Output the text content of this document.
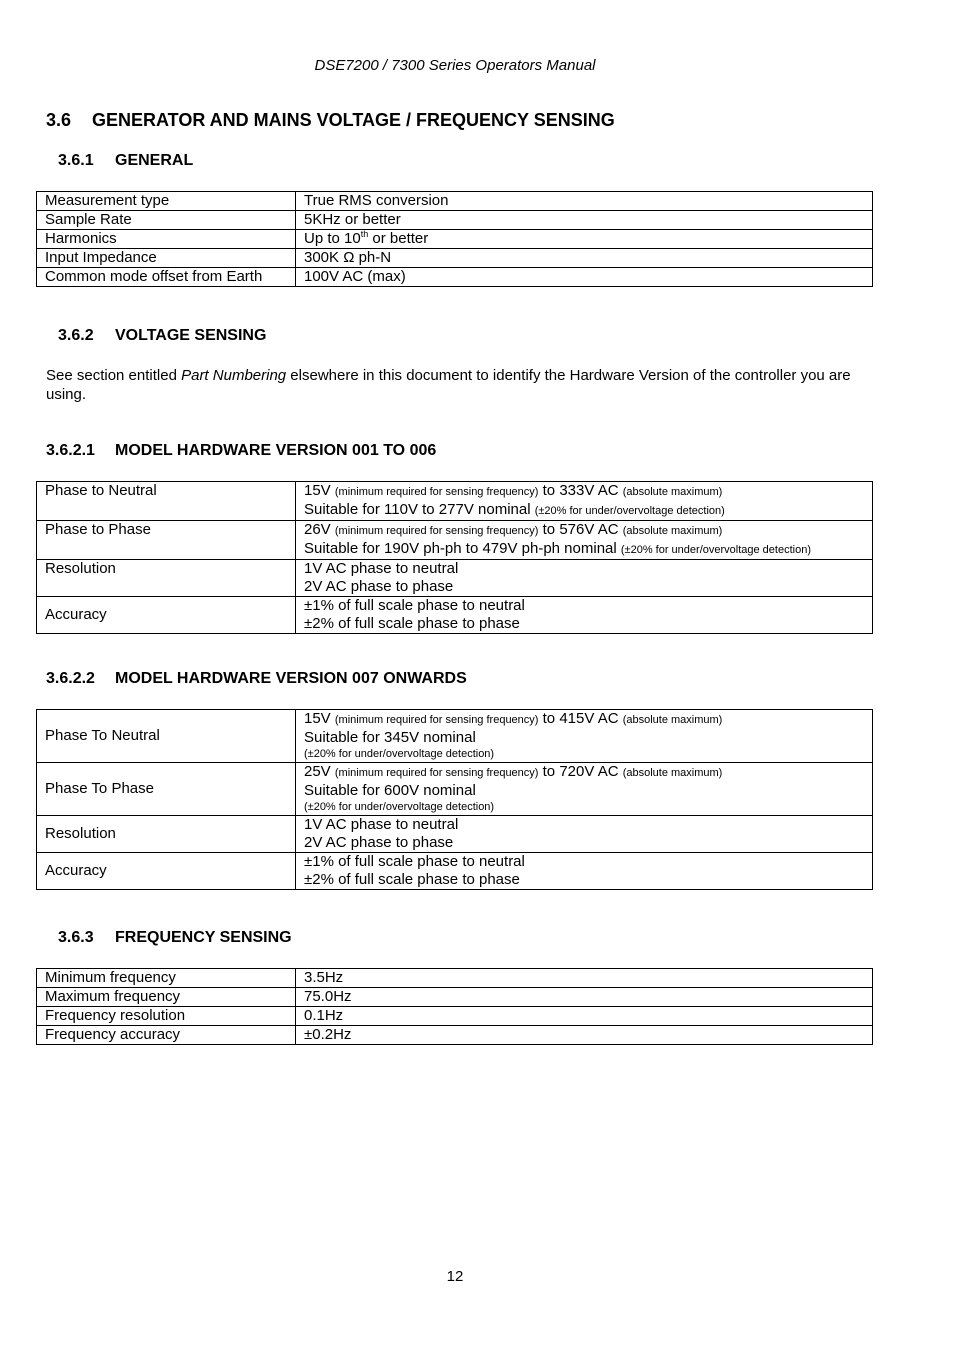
DSE7200 / 7300 Series Operators Manual
3.6 GENERATOR AND MAINS VOLTAGE / FREQUENCY SENSING
3.6.1 GENERAL
Measurement type	True RMS conversion
Sample Rate	5KHz or better
Harmonics	Up to 10th or better
Input Impedance	300K Ω ph-N
Common mode offset from Earth	100V AC (max)
3.6.2 VOLTAGE SENSING
See section entitled Part Numbering elsewhere in this document to identify the Hardware Version of the controller you are using.
3.6.2.1 MODEL HARDWARE VERSION 001 TO 006
Phase to Neutral	15V (minimum required for sensing frequency) to 333V AC (absolute maximum)
Suitable for 110V to 277V nominal (±20% for under/overvoltage detection)

Phase to Phase	26V (minimum required for sensing frequency) to 576V AC (absolute maximum)
Suitable for 190V ph-ph to 479V ph-ph nominal (±20% for under/overvoltage detection)

Resolution	1V AC phase to neutral
2V AC phase to phase

Accuracy	±1% of full scale phase to neutral
±2% of full scale phase to phase
3.6.2.2 MODEL HARDWARE VERSION 007 ONWARDS
Phase To Neutral	15V (minimum required for sensing frequency) to 415V AC (absolute maximum)
Suitable for 345V nominal
(±20% for under/overvoltage detection)

Phase To Phase	25V (minimum required for sensing frequency) to 720V AC (absolute maximum)
Suitable for 600V nominal
(±20% for under/overvoltage detection)

Resolution	1V AC phase to neutral
2V AC phase to phase

Accuracy	±1% of full scale phase to neutral
±2% of full scale phase to phase
3.6.3 FREQUENCY SENSING
Minimum frequency	3.5Hz
Maximum frequency	75.0Hz
Frequency resolution	0.1Hz
Frequency accuracy	±0.2Hz
12
